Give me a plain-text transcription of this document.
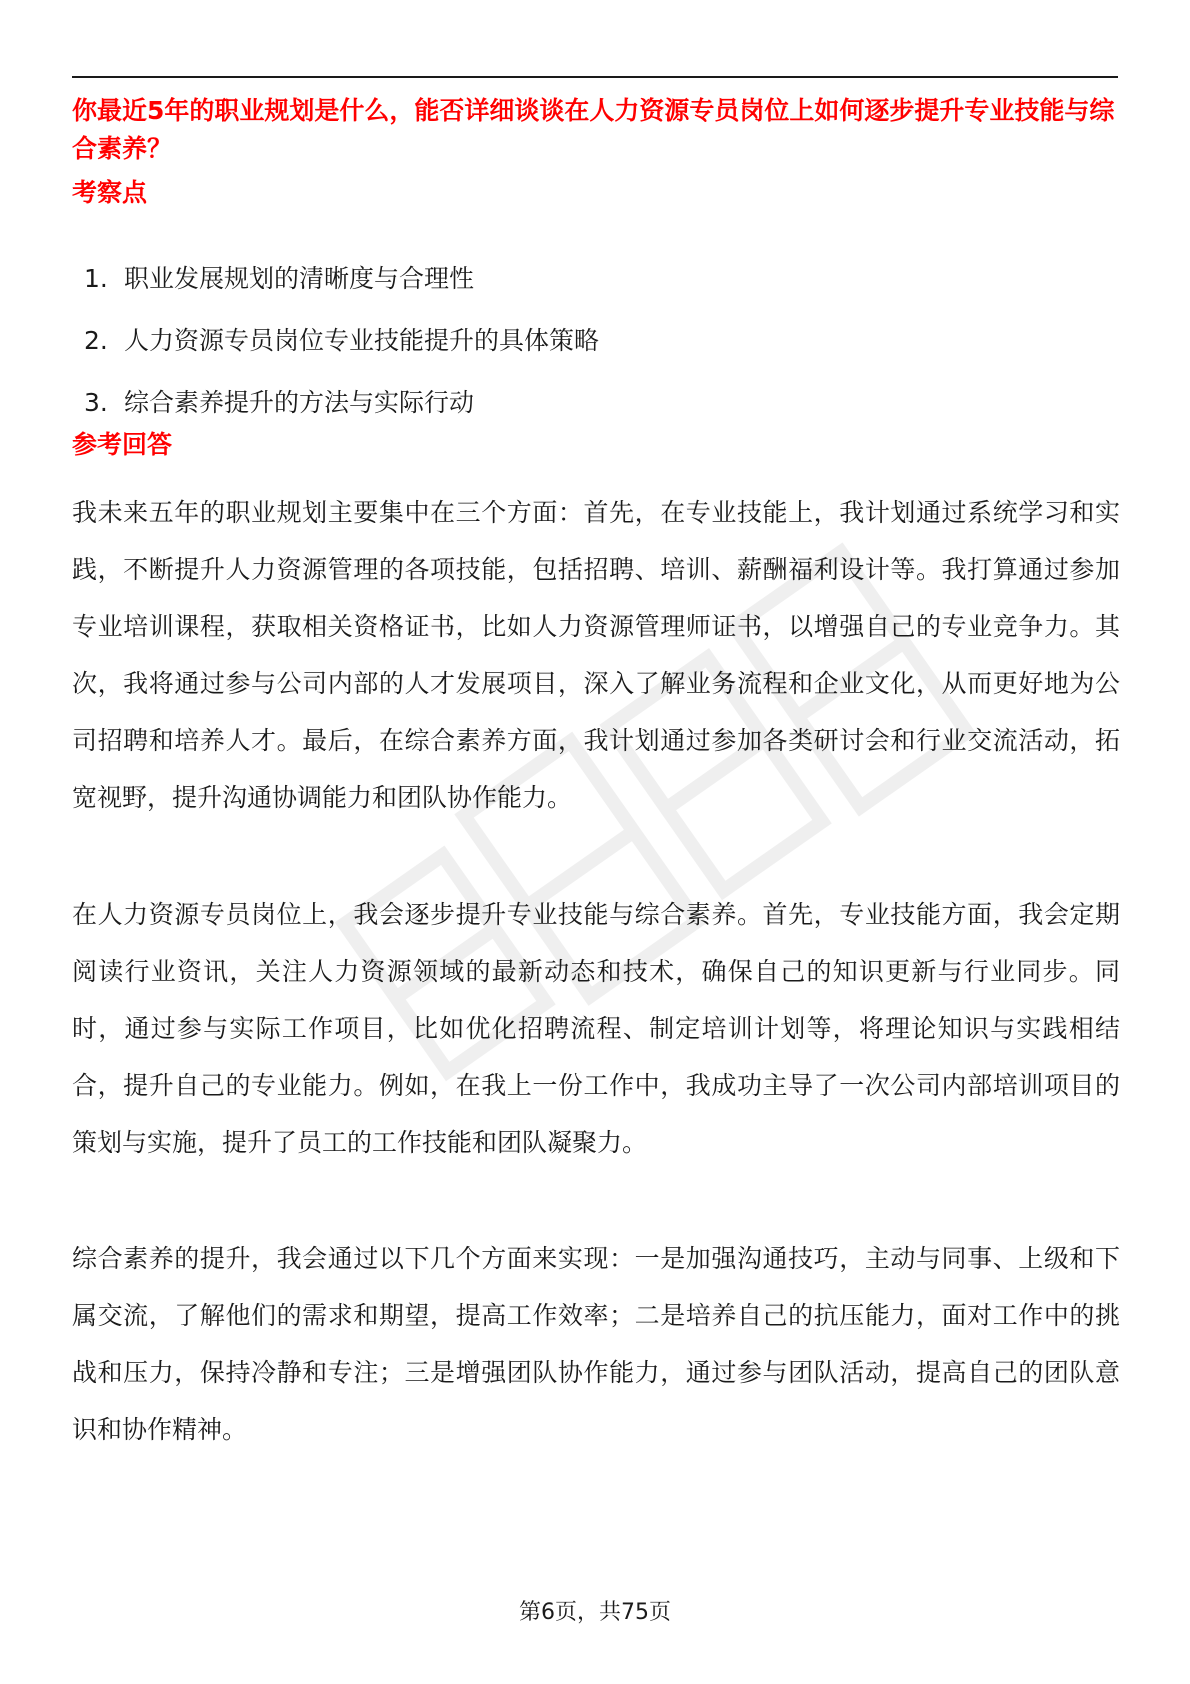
你最近5年的职业规划是什么，能否详细谈谈在人力资源专员岗位上如何逐步提升专业技能与综合素养？
考察点
1. 职业发展规划的清晰度与合理性
2. 人力资源专员岗位专业技能提升的具体策略
3. 综合素养提升的方法与实际行动
参考回答

我未来五年的职业规划主要集中在三个方面：首先，在专业技能上，我计划通过系统学习和实践，不断提升人力资源管理的各项技能，包括招聘、培训、薪酬福利设计等。我打算通过参加专业培训课程，获取相关资格证书，比如人力资源管理师证书，以增强自己的专业竞争力。其次，我将通过参与公司内部的人才发展项目，深入了解业务流程和企业文化，从而更好地为公司招聘和培养人才。最后，在综合素养方面，我计划通过参加各类研讨会和行业交流活动，拓宽视野，提升沟通协调能力和团队协作能力。

在人力资源专员岗位上，我会逐步提升专业技能与综合素养。首先，专业技能方面，我会定期阅读行业资讯，关注人力资源领域的最新动态和技术，确保自己的知识更新与行业同步。同时，通过参与实际工作项目，比如优化招聘流程、制定培训计划等，将理论知识与实践相结合，提升自己的专业能力。例如，在我上一份工作中，我成功主导了一次公司内部培训项目的策划与实施，提升了员工的工作技能和团队凝聚力。

综合素养的提升，我会通过以下几个方面来实现：一是加强沟通技巧，主动与同事、上级和下属交流，了解他们的需求和期望，提高工作效率；二是培养自己的抗压能力，面对工作中的挑战和压力，保持冷静和专注；三是增强团队协作能力，通过参与团队活动，提高自己的团队意识和协作精神。

第6页，共75页
